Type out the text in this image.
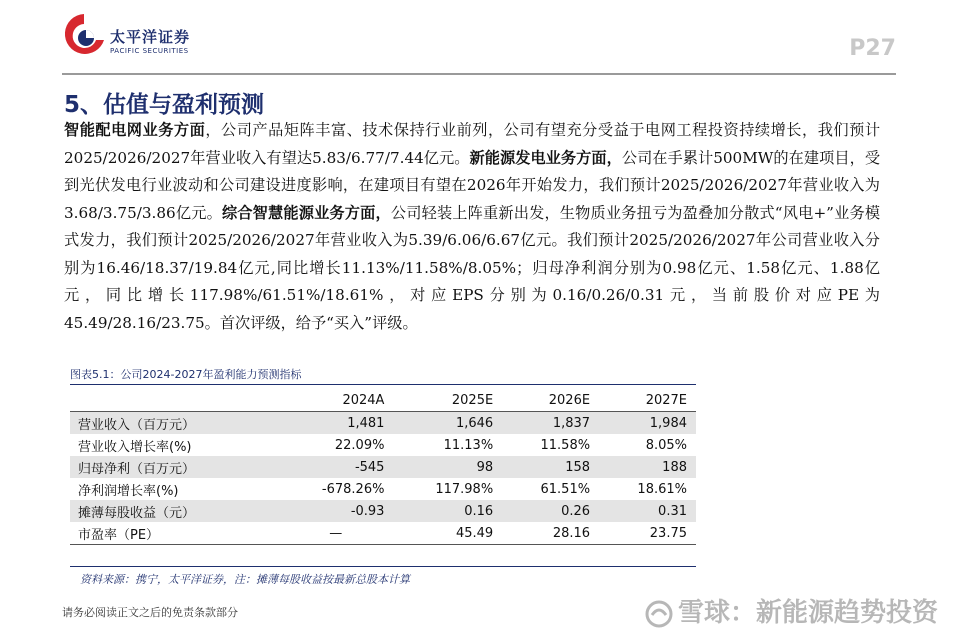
太平洋证券
PACIFIC SECURITIES	P27
5、估值与盈利预测
智能配电网业务方面，公司产品矩阵丰富、技术保持行业前列，公司有望充分受益于电网工程投资持续增长，我们预计2025/2026/2027年营业收入有望达5.83/6.77/7.44亿元。新能源发电业务方面，公司在手累计500MW的在建项目，受到光伏发电行业波动和公司建设进度影响，在建项目有望在2026年开始发力，我们预计2025/2026/2027年营业收入为3.68/3.75/3.86亿元。综合智慧能源业务方面，公司轻装上阵重新出发，生物质业务扭亏为盈叠加分散式“风电+”业务模式发力，我们预计2025/2026/2027年营业收入为5.39/6.06/6.67亿元。我们预计2025/2026/2027年公司营业收入分别为16.46/18.37/19.84亿元,同比增长11.13%/11.58%/8.05%；归母净利润分别为0.98亿元、1.58亿元、1.88亿元，同比增长117.98%/61.51%/18.61%，对应EPS分别为0.16/0.26/0.31元，当前股价对应PE为45.49/28.16/23.75。首次评级，给予“买入”评级。
图表5.1：公司2024-2027年盈利能力预测指标
	2024A	2025E	2026E	2027E
营业收入（百万元）	1,481	1,646	1,837	1,984
营业收入增长率(%)	22.09%	11.13%	11.58%	8.05%
归母净利（百万元）	-545	98	158	188
净利润增长率(%)	-678.26%	117.98%	61.51%	18.61%
摊薄每股收益（元）	-0.93	0.16	0.26	0.31
市盈率（PE）	—	45.49	28.16	23.75
资料来源：携宁，太平洋证券，注：摊薄每股收益按最新总股本计算
请务必阅读正文之后的免责条款部分	雪球：新能源趋势投资
